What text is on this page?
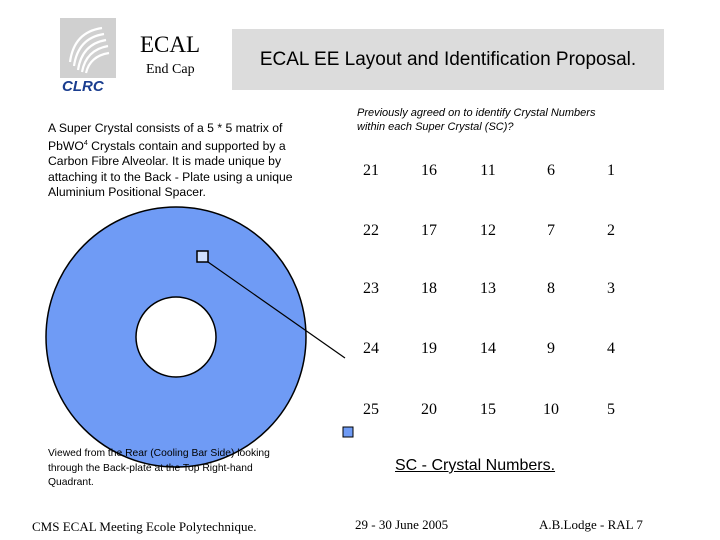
CLRC
ECAL
End Cap	ECAL EE Layout and Identification Proposal.
A Super Crystal consists of a 5 * 5 matrix of
PbWO$^4$ Crystals contain and supported by a
Carbon Fibre Alveolar. It is made unique by
attaching it to the Back - Plate using a unique
Aluminium Positional Spacer.
Previously agreed on to identify Crystal Numbers
within each Super Crystal (SC)?
21	16	11	6	1
22	17	12	7	2
23	18	13	8	3
24	19	14	9	4
25	20	15	10	5
SC - Crystal Numbers.
Viewed from the Rear (Cooling Bar Side) looking
through the Back-plate at the Top Right-hand
Quadrant.
CMS ECAL Meeting Ecole Polytechnique.	29 - 30 June 2005	A.B.Lodge - RAL 7
